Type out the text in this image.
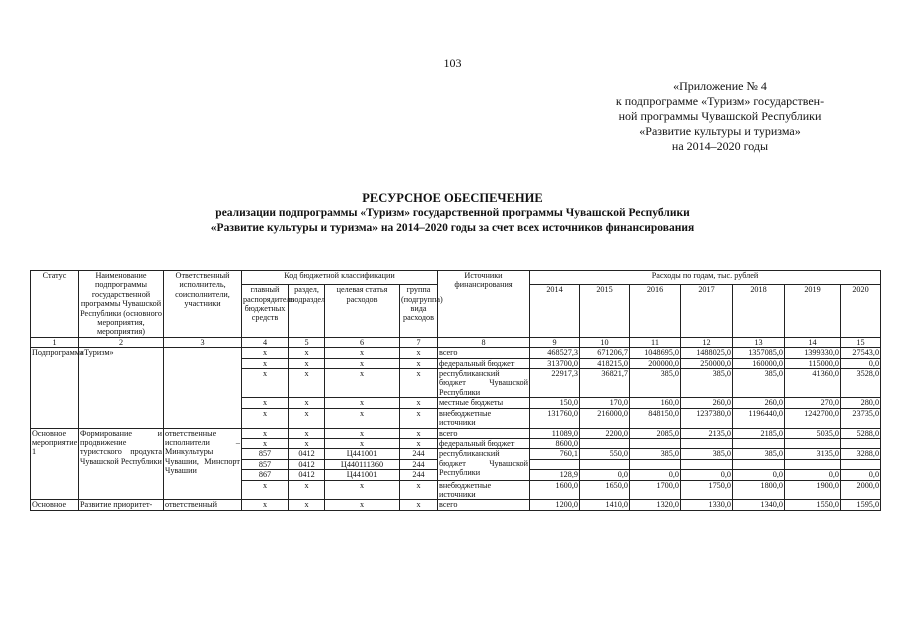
103
«Приложение № 4
к подпрограмме «Туризм» государствен-
ной программы Чувашской Республики
«Развитие культуры и туризма»
на 2014–2020 годы
РЕСУРСНОЕ ОБЕСПЕЧЕНИЕ
реализации подпрограммы «Туризм» государственной программы Чувашской Республики
«Развитие культуры и туризма» на 2014–2020 годы за счет всех источников финансирования
Статус	Наименование подпрограммы государственной программы Чувашской Республики (основного мероприятия, мероприятия)	Ответственный исполнитель, соисполнители, участники	Код бюджетной классификации				Источники финансирования	Расходы по годам, тыс. рублей						
			главный распорядитель бюджетных средств	раздел, подраздел	целевая статья расходов	группа (подгруппа) вида расходов		2014	2015	2016	2017	2018	2019	2020
1	2	3	4	5	6	7	8	9	10	11	12	13	14	15
Подпрограмма	«Туризм»		x	x	x	x	всего	468527,3	671206,7	1048695,0	1488025,0	1357085,0	1399330,0	27543,0
			x	x	x	x	федеральный бюджет	313700,0	418215,0	200000,0	250000,0	160000,0	115000,0	0,0
			x	x	x	x	республиканский бюджет Чувашской Республики	22917,3	36821,7	385,0	385,0	385,0	41360,0	3528,0
			x	x	x	x	местные бюджеты	150,0	170,0	160,0	260,0	260,0	270,0	280,0
			x	x	x	x	внебюджетные источники	131760,0	216000,0	848150,0	1237380,0	1196440,0	1242700,0	23735,0
Основное мероприятие 1	Формирование и продвижение туристского продукта Чувашской Республики	ответственные исполнители – Минкультуры Чувашии, Минспорт Чувашии	x	x	x	x	всего	11089,0	2200,0	2085,0	2135,0	2185,0	5035,0	5288,0
			x	x	x	x	федеральный бюджет	8600,0						
			857	0412	Ц441001	244	республиканский бюджет Чувашской Республики	760,1	550,0	385,0	385,0	385,0	3135,0	3288,0
			857	0412	Ц440111360	244								
			867	0412	Ц441001	244		128,9	0,0	0,0	0,0	0,0	0,0	0,0
			x	x	x	x	внебюджетные источники	1600,0	1650,0	1700,0	1750,0	1800,0	1900,0	2000,0
Основное	Развитие приоритет-	ответственный	x	x	x	x	всего	1200,0	1410,0	1320,0	1330,0	1340,0	1550,0	1595,0
